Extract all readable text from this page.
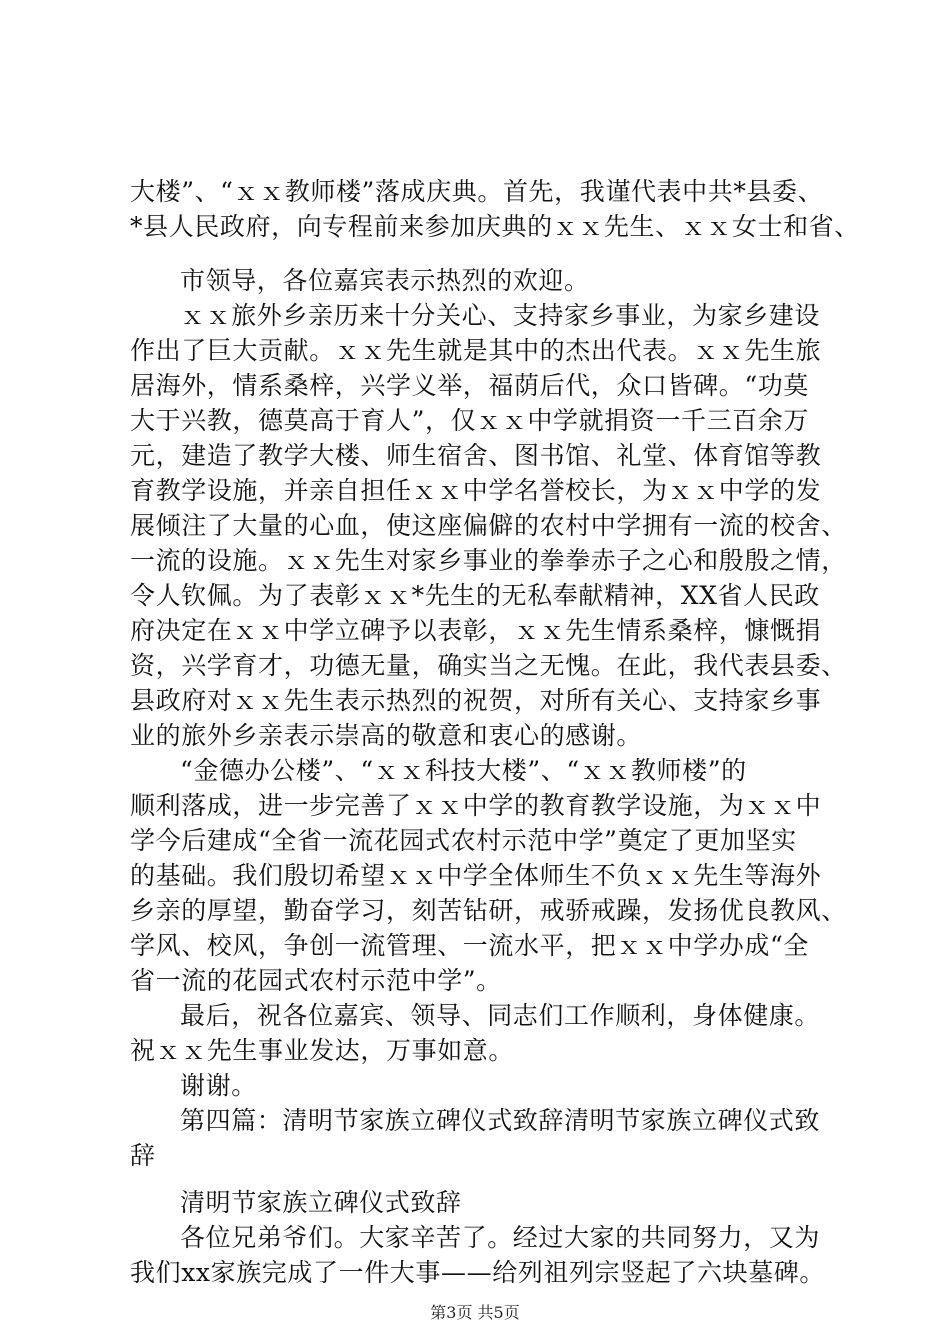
大楼”、“ｘｘ教师楼”落成庆典。首先，我谨代表中共*县委、
*县人民政府，向专程前来参加庆典的ｘｘ先生、ｘｘ女士和省、
市领导，各位嘉宾表示热烈的欢迎。
ｘｘ旅外乡亲历来十分关心、支持家乡事业，为家乡建设
作出了巨大贡献。ｘｘ先生就是其中的杰出代表。ｘｘ先生旅
居海外，情系桑梓，兴学义举，福荫后代，众口皆碑。“功莫
大于兴教，德莫高于育人”，仅ｘｘ中学就捐资一千三百余万
元，建造了教学大楼、师生宿舍、图书馆、礼堂、体育馆等教
育教学设施，并亲自担任ｘｘ中学名誉校长，为ｘｘ中学的发
展倾注了大量的心血，使这座偏僻的农村中学拥有一流的校舍、
一流的设施。ｘｘ先生对家乡事业的拳拳赤子之心和殷殷之情，
令人钦佩。为了表彰ｘｘ*先生的无私奉献精神，XX省人民政
府决定在ｘｘ中学立碑予以表彰，ｘｘ先生情系桑梓，慷慨捐
资，兴学育才，功德无量，确实当之无愧。在此，我代表县委、
县政府对ｘｘ先生表示热烈的祝贺，对所有关心、支持家乡事
业的旅外乡亲表示崇高的敬意和衷心的感谢。
“金德办公楼”、“ｘｘ科技大楼”、“ｘｘ教师楼”的
顺利落成，进一步完善了ｘｘ中学的教育教学设施，为ｘｘ中
学今后建成“全省一流花园式农村示范中学”奠定了更加坚实
的基础。我们殷切希望ｘｘ中学全体师生不负ｘｘ先生等海外
乡亲的厚望，勤奋学习，刻苦钻研，戒骄戒躁，发扬优良教风、
学风、校风，争创一流管理、一流水平，把ｘｘ中学办成“全
省一流的花园式农村示范中学”。
最后，祝各位嘉宾、领导、同志们工作顺利，身体健康。
祝ｘｘ先生事业发达，万事如意。
谢谢。
第四篇：清明节家族立碑仪式致辞清明节家族立碑仪式致
辞
清明节家族立碑仪式致辞
各位兄弟爷们。大家辛苦了。经过大家的共同努力，又为
我们xx家族完成了一件大事——给列祖列宗竖起了六块墓碑。
第3页 共5页
